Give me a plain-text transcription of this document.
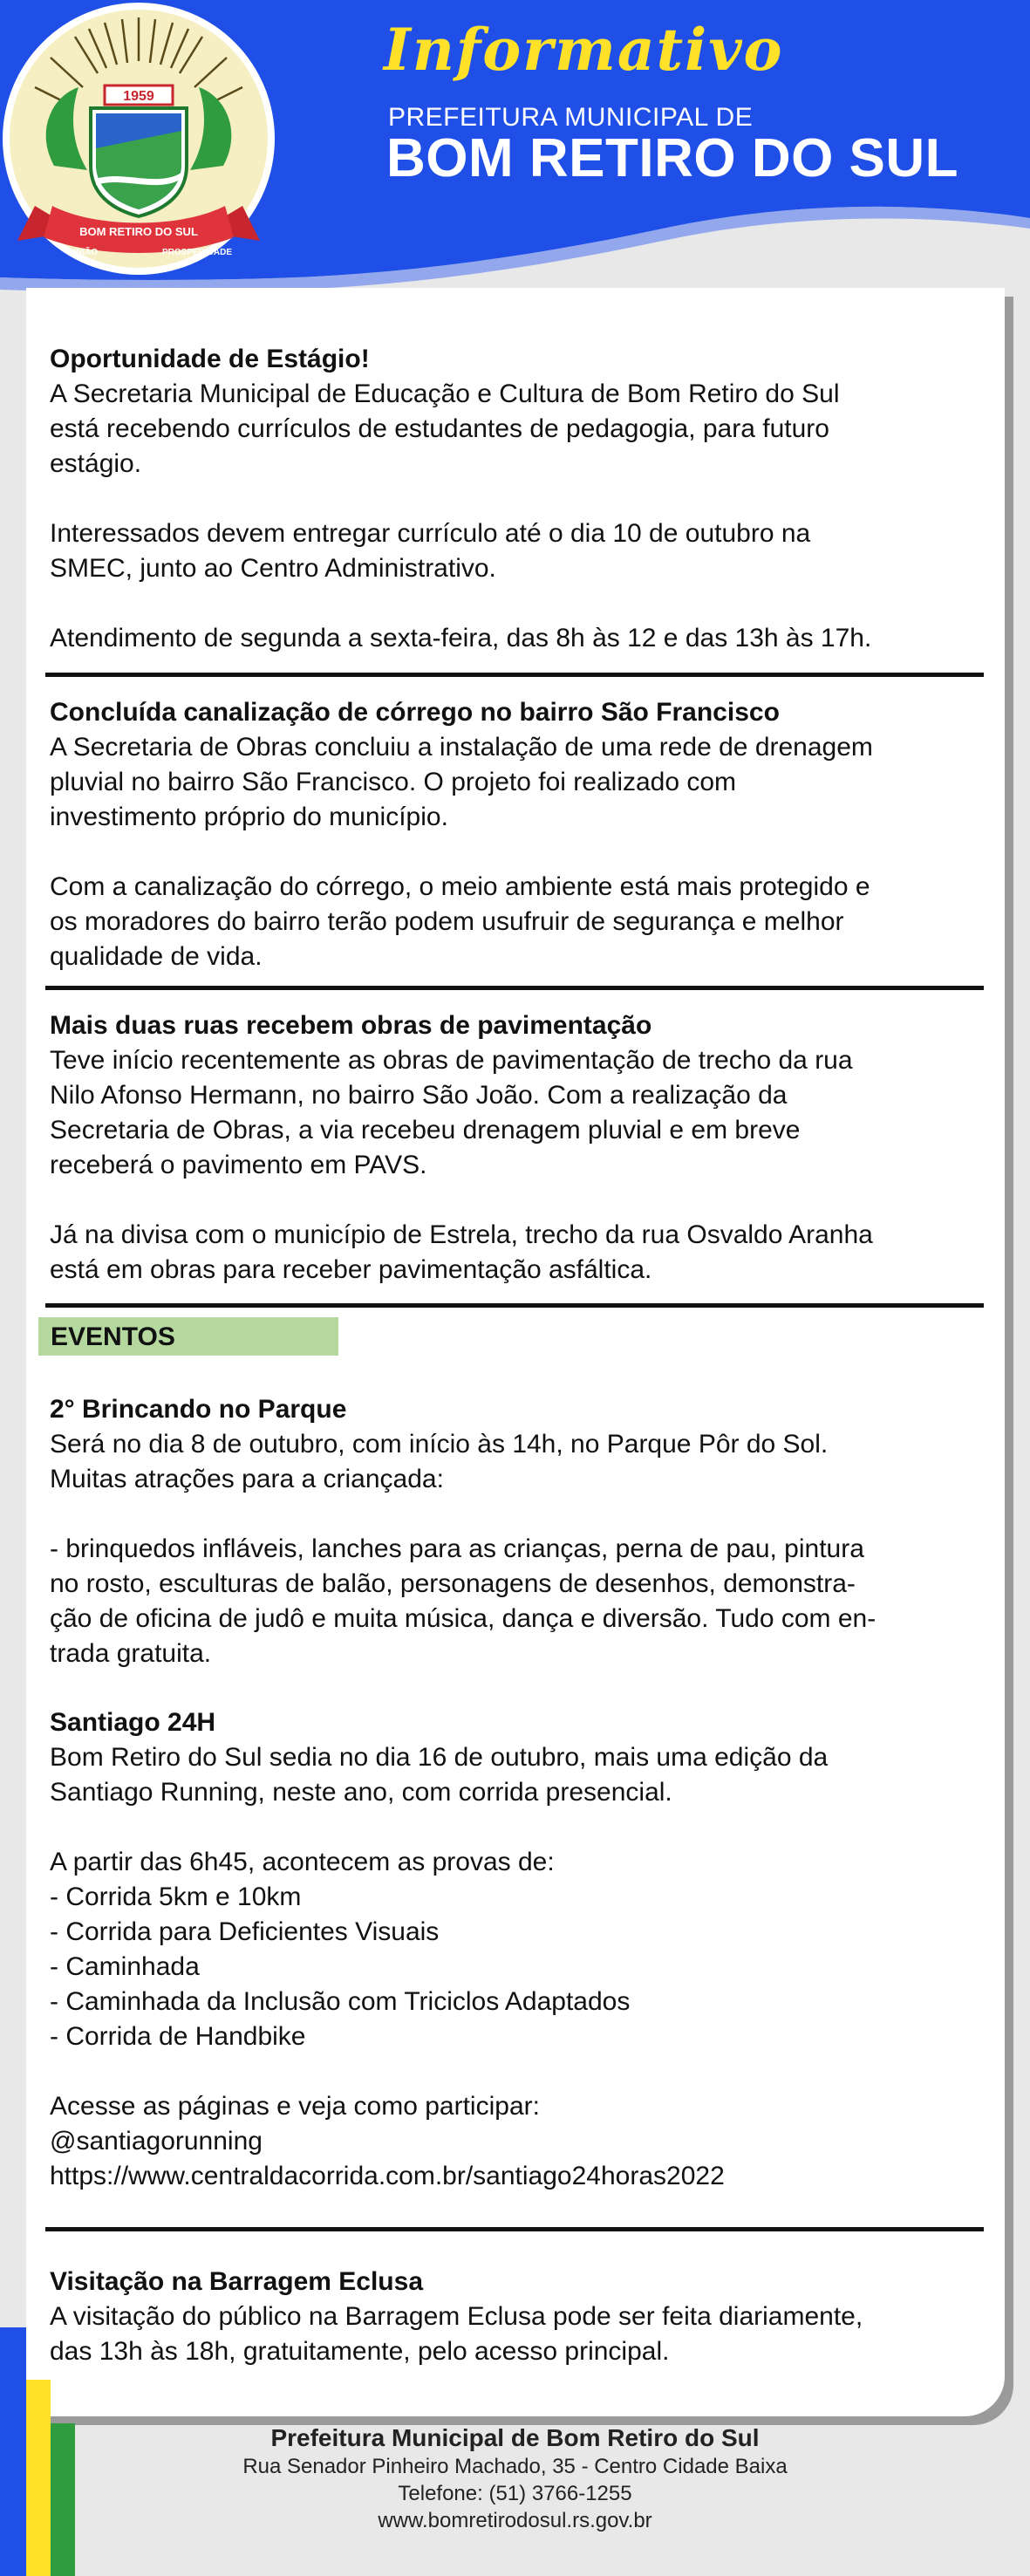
Informativo
PREFEITURA MUNICIPAL DE
BOM RETIRO DO SUL
1959
BOM RETIRO DO SUL
UNIÃO	PROSPERIDADE
Oportunidade de Estágio!
A Secretaria Municipal de Educação e Cultura de Bom Retiro do Sul
está recebendo currículos de estudantes de pedagogia, para futuro
estágio.
Interessados devem entregar currículo até o dia 10 de outubro na
SMEC, junto ao Centro Administrativo.
Atendimento de segunda a sexta-feira, das 8h às 12 e das 13h às 17h.
Concluída canalização de córrego no bairro São Francisco
A Secretaria de Obras concluiu a instalação de uma rede de drenagem
pluvial no bairro São Francisco. O projeto foi realizado com
investimento próprio do município.
Com a canalização do córrego, o meio ambiente está mais protegido e
os moradores do bairro terão podem usufruir de segurança e melhor
qualidade de vida.
Mais duas ruas recebem obras de pavimentação
Teve início recentemente as obras de pavimentação de trecho da rua
Nilo Afonso Hermann, no bairro São João. Com a realização da
Secretaria de Obras, a via recebeu drenagem pluvial e em breve
receberá o pavimento em PAVS.
Já na divisa com o município de Estrela, trecho da rua Osvaldo Aranha
está em obras para receber pavimentação asfáltica.
EVENTOS
2° Brincando no Parque
Será no dia 8 de outubro, com início às 14h, no Parque Pôr do Sol.
Muitas atrações para a criançada:
- brinquedos infláveis, lanches para as crianças, perna de pau, pintura
no rosto, esculturas de balão, personagens de desenhos, demonstra-
ção de oficina de judô e muita música, dança e diversão. Tudo com en-
trada gratuita.
Santiago 24H
Bom Retiro do Sul sedia no dia 16 de outubro, mais uma edição da
Santiago Running, neste ano, com corrida presencial.
A partir das 6h45, acontecem as provas de:
- Corrida 5km e 10km
- Corrida para Deficientes Visuais
- Caminhada
- Caminhada da Inclusão com Triciclos Adaptados
- Corrida de Handbike
Acesse as páginas e veja como participar:
@santiagorunning
https://www.centraldacorrida.com.br/santiago24horas2022
Visitação na Barragem Eclusa
A visitação do público na Barragem Eclusa pode ser feita diariamente,
das 13h às 18h, gratuitamente, pelo acesso principal.
Prefeitura Municipal de Bom Retiro do Sul
Rua Senador Pinheiro Machado, 35 - Centro Cidade Baixa
Telefone: (51) 3766-1255
www.bomretirodosul.rs.gov.br
